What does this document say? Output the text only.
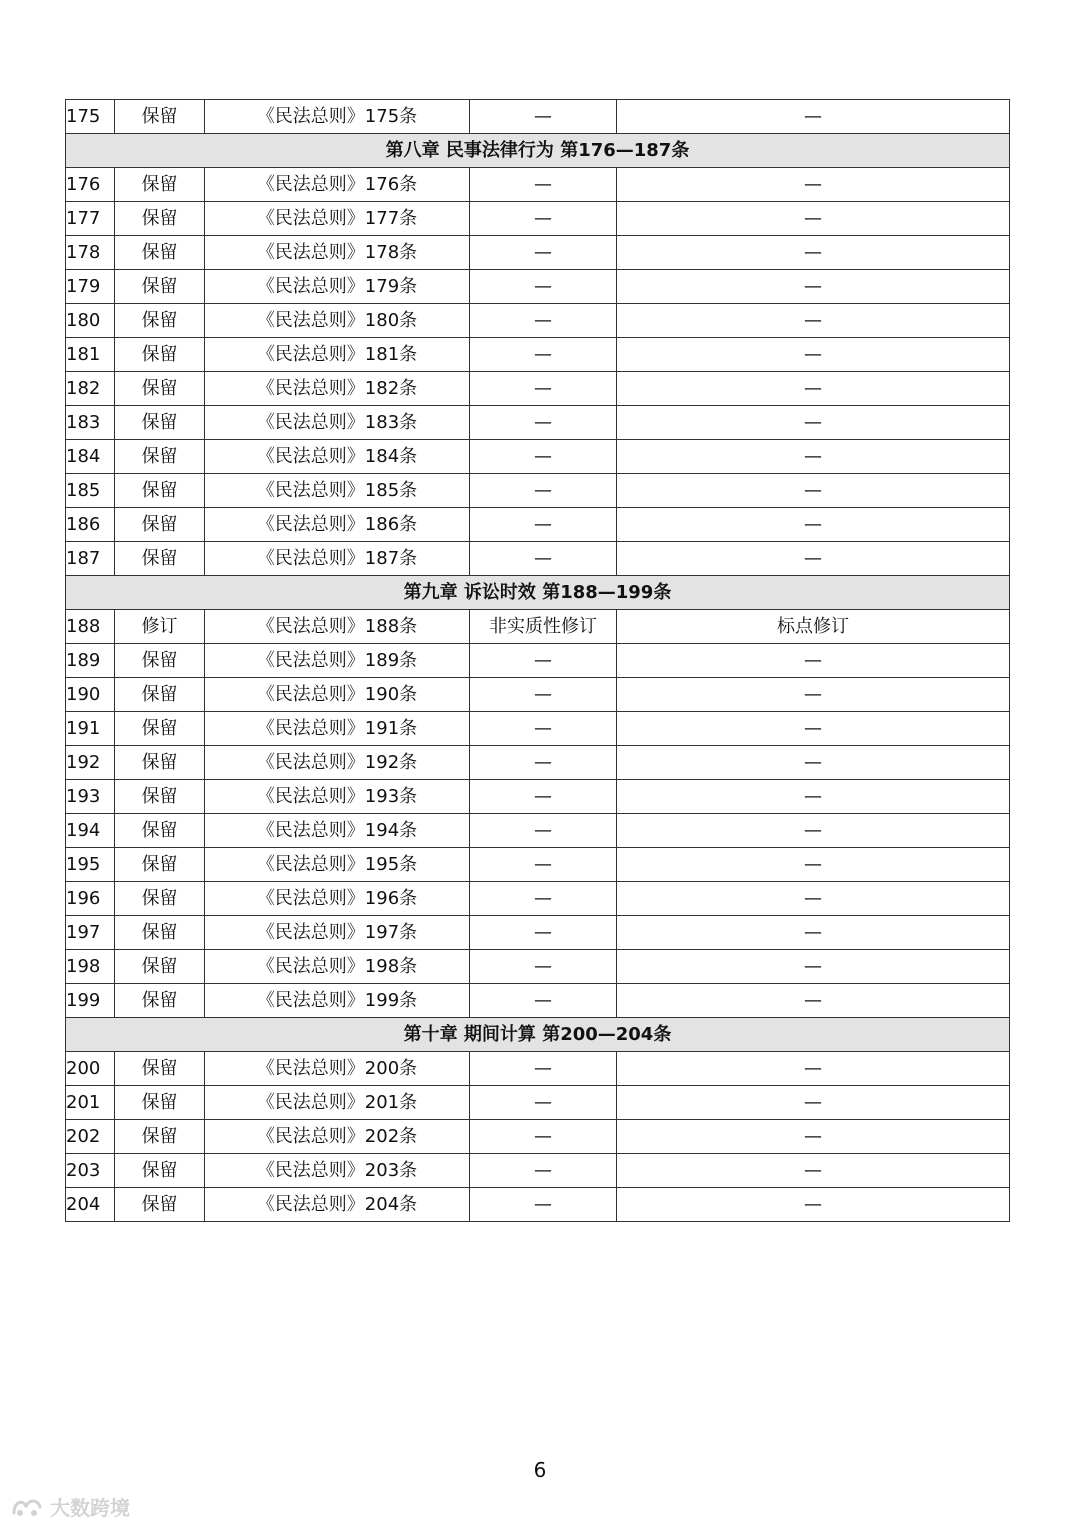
175	保留	《民法总则》175条	—	—
第八章 民事法律行为 第176—187条				
176	保留	《民法总则》176条	—	—
177	保留	《民法总则》177条	—	—
178	保留	《民法总则》178条	—	—
179	保留	《民法总则》179条	—	—
180	保留	《民法总则》180条	—	—
181	保留	《民法总则》181条	—	—
182	保留	《民法总则》182条	—	—
183	保留	《民法总则》183条	—	—
184	保留	《民法总则》184条	—	—
185	保留	《民法总则》185条	—	—
186	保留	《民法总则》186条	—	—
187	保留	《民法总则》187条	—	—
第九章 诉讼时效 第188—199条				
188	修订	《民法总则》188条	非实质性修订	标点修订
189	保留	《民法总则》189条	—	—
190	保留	《民法总则》190条	—	—
191	保留	《民法总则》191条	—	—
192	保留	《民法总则》192条	—	—
193	保留	《民法总则》193条	—	—
194	保留	《民法总则》194条	—	—
195	保留	《民法总则》195条	—	—
196	保留	《民法总则》196条	—	—
197	保留	《民法总则》197条	—	—
198	保留	《民法总则》198条	—	—
199	保留	《民法总则》199条	—	—
第十章 期间计算 第200—204条				
200	保留	《民法总则》200条	—	—
201	保留	《民法总则》201条	—	—
202	保留	《民法总则》202条	—	—
203	保留	《民法总则》203条	—	—
204	保留	《民法总则》204条	—	—
6
大数跨境
